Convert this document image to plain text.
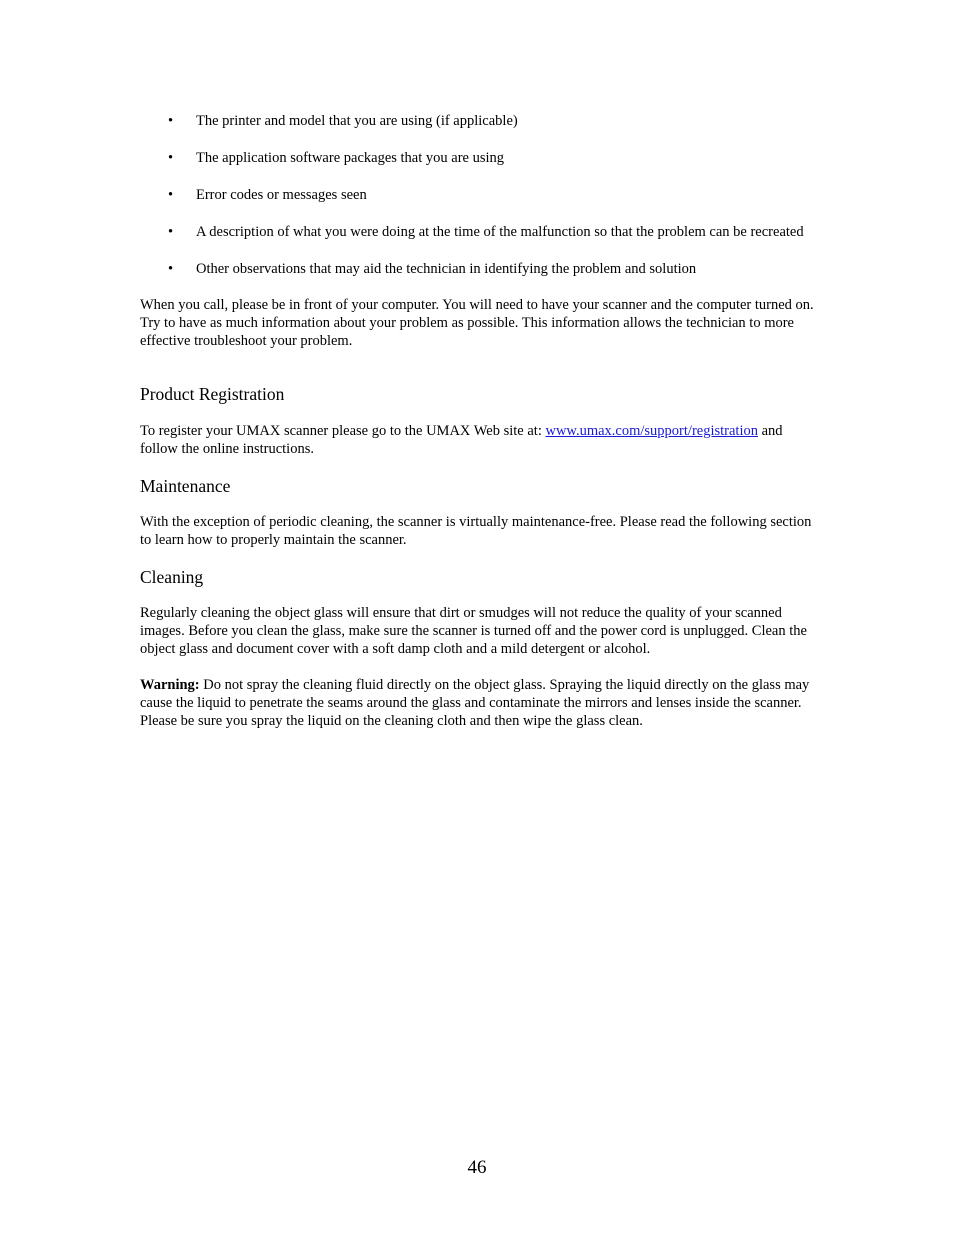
• The printer and model that you are using (if applicable)
• The application software packages that you are using
• Error codes or messages seen
• A description of what you were doing at the time of the malfunction so that the problem can be recreated
• Other observations that may aid the technician in identifying the problem and solution

When you call, please be in front of your computer. You will need to have your scanner and the computer turned on. Try to have as much information about your problem as possible. This information allows the technician to more effective troubleshoot your problem.

Product Registration

To register your UMAX scanner please go to the UMAX Web site at: www.umax.com/support/registration and follow the online instructions.

Maintenance

With the exception of periodic cleaning, the scanner is virtually maintenance-free. Please read the following section to learn how to properly maintain the scanner.

Cleaning

Regularly cleaning the object glass will ensure that dirt or smudges will not reduce the quality of your scanned images. Before you clean the glass, make sure the scanner is turned off and the power cord is unplugged. Clean the object glass and document cover with a soft damp cloth and a mild detergent or alcohol.

Warning: Do not spray the cleaning fluid directly on the object glass. Spraying the liquid directly on the glass may cause the liquid to penetrate the seams around the glass and contaminate the mirrors and lenses inside the scanner. Please be sure you spray the liquid on the cleaning cloth and then wipe the glass clean.

46
